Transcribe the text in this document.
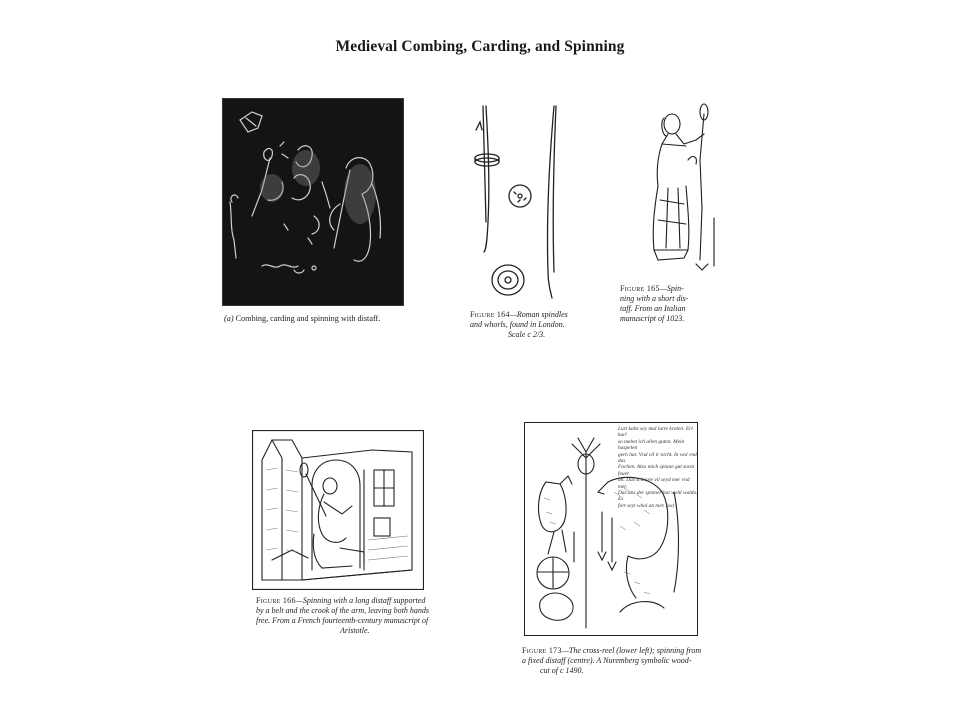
Medieval Combing, Carding, and Spinning
(a) Combing, carding and spinning with distaff.	Figure 164—Roman spindles
and whorls, found in London.
Scale c 2/3.
Figure 165—Spin-
ning with a short dis-
taff. From an Italian
manuscript of 1023.
Figure 166—Spinning with a long distaff supported
by a belt and the crook of the arm, leaving both hands
free. From a French fourteenth-century manuscript of
Aristotle.
Lurt kabe sey mul lurte kraten. Erl kurl
so mebet ich allen guten. Mein haspelen
gern hat. Vnd vil ir nicht. In wol vnd das
Fachen. Alzo mich spinne gut sonst feuer
an. Das schnure vil seyd mer vnd mer.
Das uns der spinner hat wohl waldo. Es
fort seyt whol an mer. (xx)
Figure 173—The cross-reel (lower left); spinning from
a fixed distaff (centre). A Nuremberg symbolic wood-
cut of c 1490.
